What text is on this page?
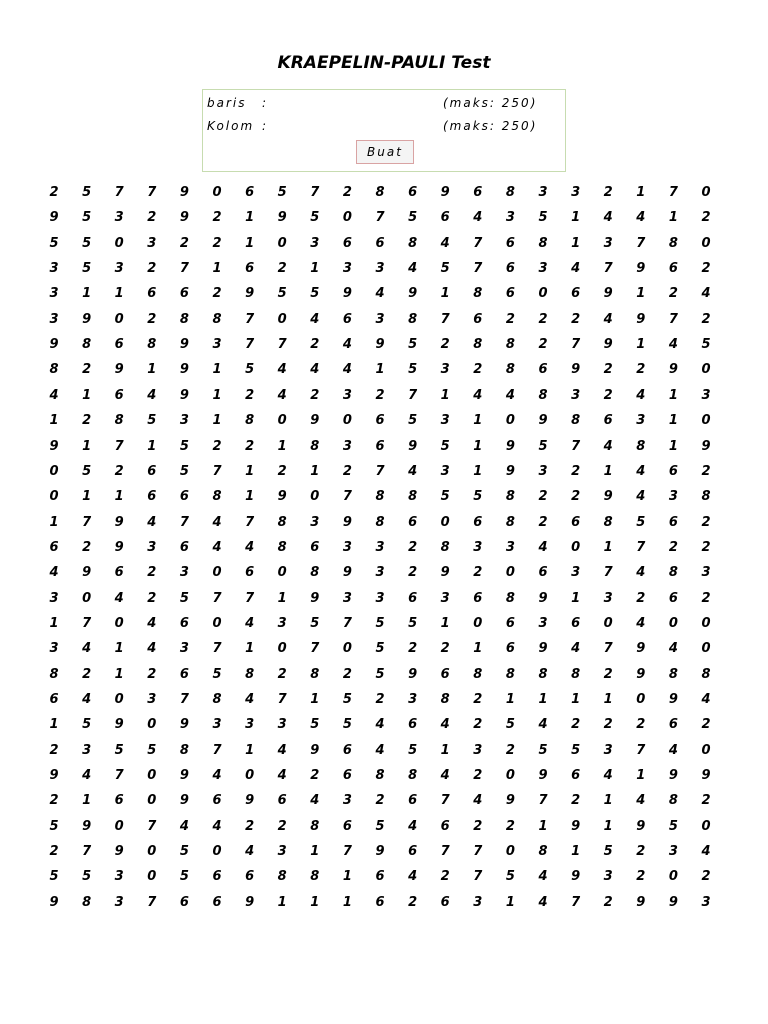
KRAEPELIN-PAULI Test
baris :	(maks: 250)
Kolom :	(maks: 250)
Buat
2	5	7	7	9	0	6	5	7	2	8	6	9	6	8	3	3	2	1	7	0
9	5	3	2	9	2	1	9	5	0	7	5	6	4	3	5	1	4	4	1	2
5	5	0	3	2	2	1	0	3	6	6	8	4	7	6	8	1	3	7	8	0
3	5	3	2	7	1	6	2	1	3	3	4	5	7	6	3	4	7	9	6	2
3	1	1	6	6	2	9	5	5	9	4	9	1	8	6	0	6	9	1	2	4
3	9	0	2	8	8	7	0	4	6	3	8	7	6	2	2	2	4	9	7	2
9	8	6	8	9	3	7	7	2	4	9	5	2	8	8	2	7	9	1	4	5
8	2	9	1	9	1	5	4	4	4	1	5	3	2	8	6	9	2	2	9	0
4	1	6	4	9	1	2	4	2	3	2	7	1	4	4	8	3	2	4	1	3
1	2	8	5	3	1	8	0	9	0	6	5	3	1	0	9	8	6	3	1	0
9	1	7	1	5	2	2	1	8	3	6	9	5	1	9	5	7	4	8	1	9
0	5	2	6	5	7	1	2	1	2	7	4	3	1	9	3	2	1	4	6	2
0	1	1	6	6	8	1	9	0	7	8	8	5	5	8	2	2	9	4	3	8
1	7	9	4	7	4	7	8	3	9	8	6	0	6	8	2	6	8	5	6	2
6	2	9	3	6	4	4	8	6	3	3	2	8	3	3	4	0	1	7	2	2
4	9	6	2	3	0	6	0	8	9	3	2	9	2	0	6	3	7	4	8	3
3	0	4	2	5	7	7	1	9	3	3	6	3	6	8	9	1	3	2	6	2
1	7	0	4	6	0	4	3	5	7	5	5	1	0	6	3	6	0	4	0	0
3	4	1	4	3	7	1	0	7	0	5	2	2	1	6	9	4	7	9	4	0
8	2	1	2	6	5	8	2	8	2	5	9	6	8	8	8	8	2	9	8	8
6	4	0	3	7	8	4	7	1	5	2	3	8	2	1	1	1	1	0	9	4
1	5	9	0	9	3	3	3	5	5	4	6	4	2	5	4	2	2	2	6	2
2	3	5	5	8	7	1	4	9	6	4	5	1	3	2	5	5	3	7	4	0
9	4	7	0	9	4	0	4	2	6	8	8	4	2	0	9	6	4	1	9	9
2	1	6	0	9	6	9	6	4	3	2	6	7	4	9	7	2	1	4	8	2
5	9	0	7	4	4	2	2	8	6	5	4	6	2	2	1	9	1	9	5	0
2	7	9	0	5	0	4	3	1	7	9	6	7	7	0	8	1	5	2	3	4
5	5	3	0	5	6	6	8	8	1	6	4	2	7	5	4	9	3	2	0	2
9	8	3	7	6	6	9	1	1	1	6	2	6	3	1	4	7	2	9	9	3
